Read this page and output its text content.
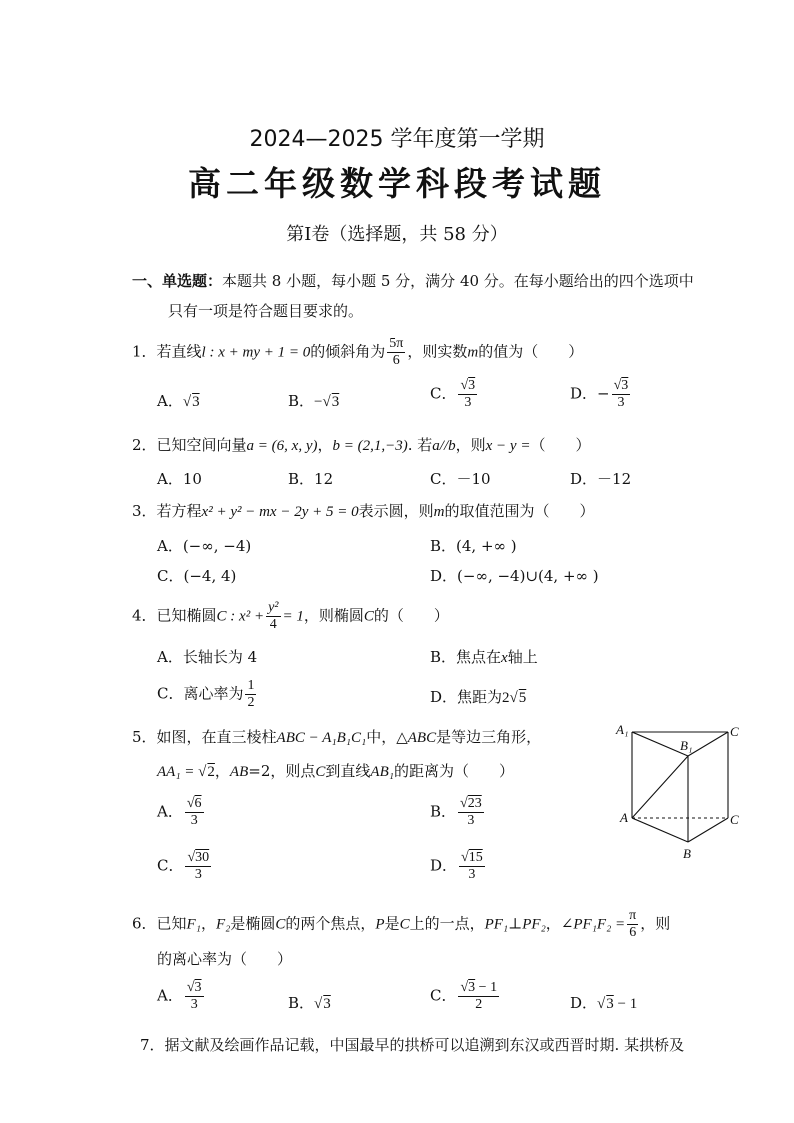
2024—2025 学年度第一学期
高二年级数学科段考试题
第Ⅰ卷（选择题，共 58 分）
一、单选题：本题共 8 小题，每小题 5 分，满分 40 分。在每小题给出的四个选项中
只有一项是符合题目要求的。
1．若直线l : x + my + 1 = 0的倾斜角为 $\frac{5\pi}{6}$ ，则实数m的值为（　　）
A．√3	B．−√3	C． $\frac{√3}{3}$	D．− $\frac{√3}{3}$
2．已知空间向量a = (6, x, y)，b = (2,1,−3). 若a//b，则x − y =（　　）
A．10	B．12	C．－10	D．－12
3．若方程x² + y² − mx − 2y + 5 = 0表示圆，则m的取值范围为（　　）
A．(−∞, −4)	B．(4, +∞ )
C．(−4, 4)	D．(−∞, −4)∪(4, +∞ )
4．已知椭圆C : $x^2 + \frac{\text{y²}}{4} = 1$，则椭圆C的（　　）
A．长轴长为 4	B．焦点在x轴上
C．离心率为 $\frac{1}{2}$	D．焦距为2√5
5．如图，在直三棱柱ABC − A₁B₁C₁中，△ABC是等边三角形，
AA₁ = √2，AB=2，则点C到直线AB₁的距离为（　　）
A． $\frac{√6}{3}$	B． $\frac{√23}{3}$
C． $\frac{√30}{3}$	D． $\frac{√15}{3}$
A₁
B₁
C
A
B
C
6．已知F₁，F₂是椭圆C的两个焦点，P是C上的一点，PF₁⊥PF₂，∠PF₁F₂ = $\frac{\pi}{6}$ ，则
的离心率为（　　）
A． $\frac{√3}{3}$	B．√3	C． $\frac{√3 - 1}{2}$	D．√3 − 1
7．据文献及绘画作品记载，中国最早的拱桥可以追溯到东汉或西晋时期. 某拱桥及
